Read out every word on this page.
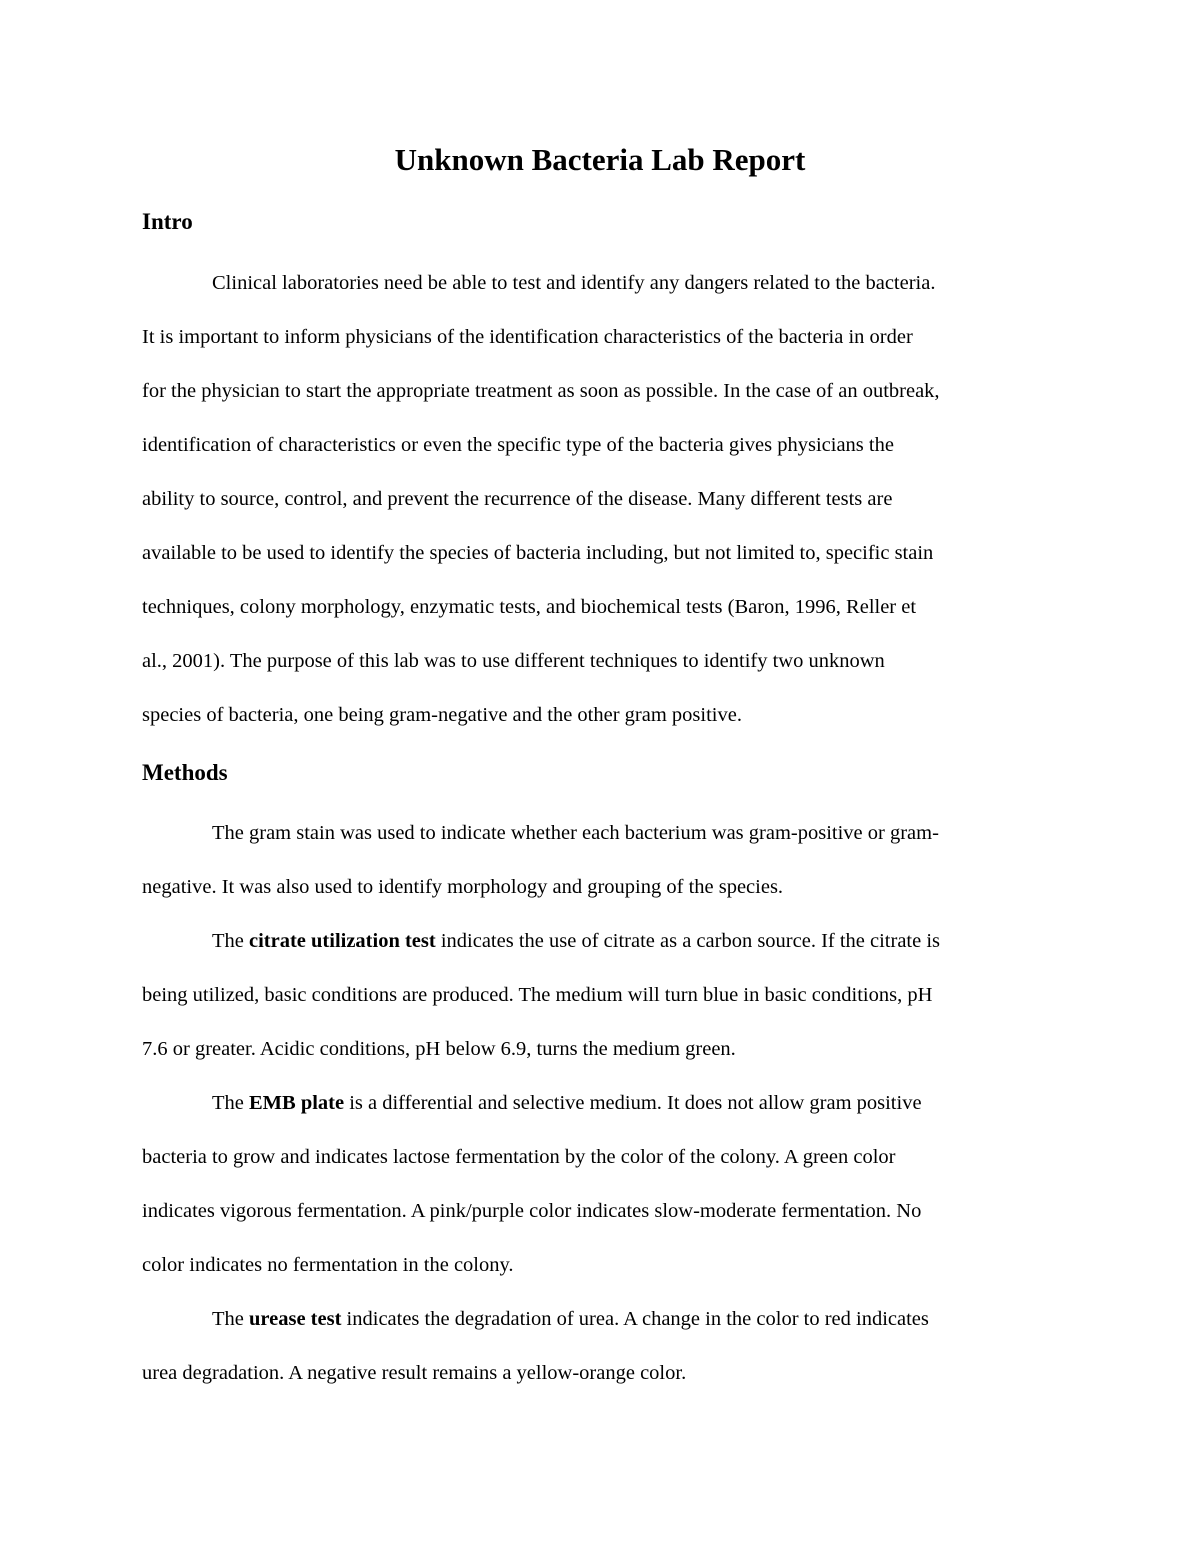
Unknown Bacteria Lab Report
Intro

Clinical laboratories need be able to test and identify any dangers related to the bacteria.

It is important to inform physicians of the identification characteristics of the bacteria in order

for the physician to start the appropriate treatment as soon as possible. In the case of an outbreak,

identification of characteristics or even the specific type of the bacteria gives physicians the

ability to source, control, and prevent the recurrence of the disease. Many different tests are

available to be used to identify the species of bacteria including, but not limited to, specific stain

techniques, colony morphology, enzymatic tests, and biochemical tests (Baron, 1996, Reller et

al., 2001). The purpose of this lab was to use different techniques to identify two unknown

species of bacteria, one being gram-negative and the other gram positive.

Methods

The gram stain was used to indicate whether each bacterium was gram-positive or gram-

negative. It was also used to identify morphology and grouping of the species.

The citrate utilization test indicates the use of citrate as a carbon source. If the citrate is

being utilized, basic conditions are produced. The medium will turn blue in basic conditions, pH

7.6 or greater. Acidic conditions, pH below 6.9, turns the medium green.

The EMB plate is a differential and selective medium. It does not allow gram positive

bacteria to grow and indicates lactose fermentation by the color of the colony. A green color

indicates vigorous fermentation. A pink/purple color indicates slow-moderate fermentation. No

color indicates no fermentation in the colony.

The urease test indicates the degradation of urea. A change in the color to red indicates

urea degradation. A negative result remains a yellow-orange color.
